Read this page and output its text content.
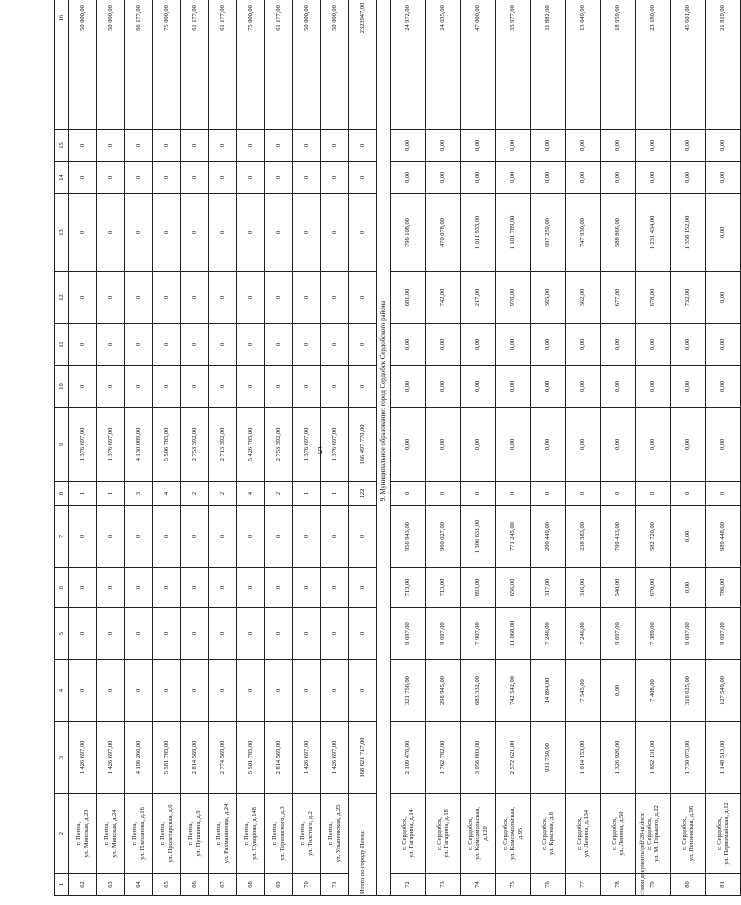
5
1	2	3	4	5	6	7	8	9	10	11	12	13	14	15	16
62	г. Пенза,
ул. Минская, д.23	1 426 697,00	0	0	0	0	1	1 376 697,00	0	0	0	0	0	0	50 000,00
63	г. Пенза,
ул. Минская, д.24	1 426 697,00	0	0	0	0	1	1 376 697,00	0	0	0	0	0	0	50 000,00
64	г. Пенза,
ул. Плеханова, д.16	4 196 266,00	0	0	0	0	3	4 130 089,00	0	0	0	0	0	0	66 177,00
65	г. Пенза,
ул. Пролетарская, д.6	5 581 785,00	0	0	0	0	4	5 506 785,00	0	0	0	0	0	0	75 000,00
66	г. Пенза,
ул. Пушкина, д.9	2 814 569,00	0	0	0	0	2	2 753 392,00	0	0	0	0	0	0	61 177,00
67	г. Пенза,
ул. Рахманинова, д.24	2 774 569,00	0	0	0	0	2	2 713 392,00	0	0	0	0	0	0	61 177,00
68	г. Пенза,
ул. Суворова, д.148	5 501 785,00	0	0	0	0	4	5 426 785,00	0	0	0	0	0	0	75 000,00
69	г. Пенза,
ул. Терновского, д.3	2 814 569,00	0	0	0	0	2	2 753 392,00	0	0	0	0	0	0	61 177,00
70	г. Пенза,
ул. Толстого, д.2	1 426 697,00	0	0	0	0	1	1 376 697,00	0	0	0	0	0	0	50 000,00
71	г. Пенза,
ул. Ульяновская, д.25	1 426 697,00	0	0	0	0	1	1 376 697,00	0	0	0	0	0	0	50 000,00
Итого по городу Пенза:		168 821 717,00	0	0	0	0	122	166 497 770,00	0	0	0	0	0	0	2323947,00
9. Муниципальное образование: город Сердобск Сердобского района															
72	г. Сердобск,
ул. Гагарина, д.14	2 109 476,00	321 756,00	9 697,00	713,00	956 943,00	0	0,00	0,00	0,00	681,00	796 108,00	0,00	0,00	24 972,00
73	г. Сердобск,
ул. Гагарина, д.18	1 762 782,00	298 945,00	9 697,00	713,00	960 027,00	0	0,00	0,00	0,00	742,00	470 078,00	0,00	0,00	24 035,00
74	г. Сердобск,
ул. Комсомольская,
д.120	3 056 803,00	683 332,00	7 907,00	893,00	1 306 631,00	0	0,00	0,00	0,00	217,00	1 011 933,00	0,00	0,00	47 000,00
75	г. Сердобск,
ул. Комсомольская,
д.95	2 572 621,00	742 542,00	11 068,00	656,00	771 245,00	0	0,00	0,00	0,00	970,00	1 101 789,00	0,00	0,00	35 977,00
76	г. Сердобск,
ул. Красная, д.8	931 730,00	14 894,00	7 246,00	317,00	200 449,00	0	0,00	0,00	0,00	365,00	697 259,00	0,00	0,00	11 882,00
77	г. Сердобск,
ул. Ленина, д.134	1 014 153,00	7 545,00	7 246,00	316,00	238 383,00	0	0,00	0,00	0,00	362,00	747 930,00	0,00	0,00	13 049,00
78	г. Сердобск,
ул. Ленина, д.50	1 326 926,00	0,00	9 697,00	540,00	709 413,00	0	0,00	0,00	0,00	677,00	588 866,00	0,00	0,00	18 959,00
79	г. Сердобск,
ул. М. Горького, д.22	1 852 131,00	7 408,00	7 389,00	670,00	582 720,00	0	0,00	0,00	0,00	678,00	1 231 434,00	0,00	0,00	23 180,00
80	г. Сердобск,
ул. Пензенская, д.96	1 730 075,00	316 625,00	9 697,00	0,00	0,00	0	0,00	0,00	0,00	732,00	1 358 152,00	0,00	0,00	45 601,00
81	г. Сердобск,
ул. Первомайская, д.12	1 148 513,00	127 549,00	9 697,00	786,00	989 448,00	0	0,00	0,00	0,00	0,00	0,00	0,00	0,00	21 819,00
c:\мои документы\pdf\28-ш.docx
